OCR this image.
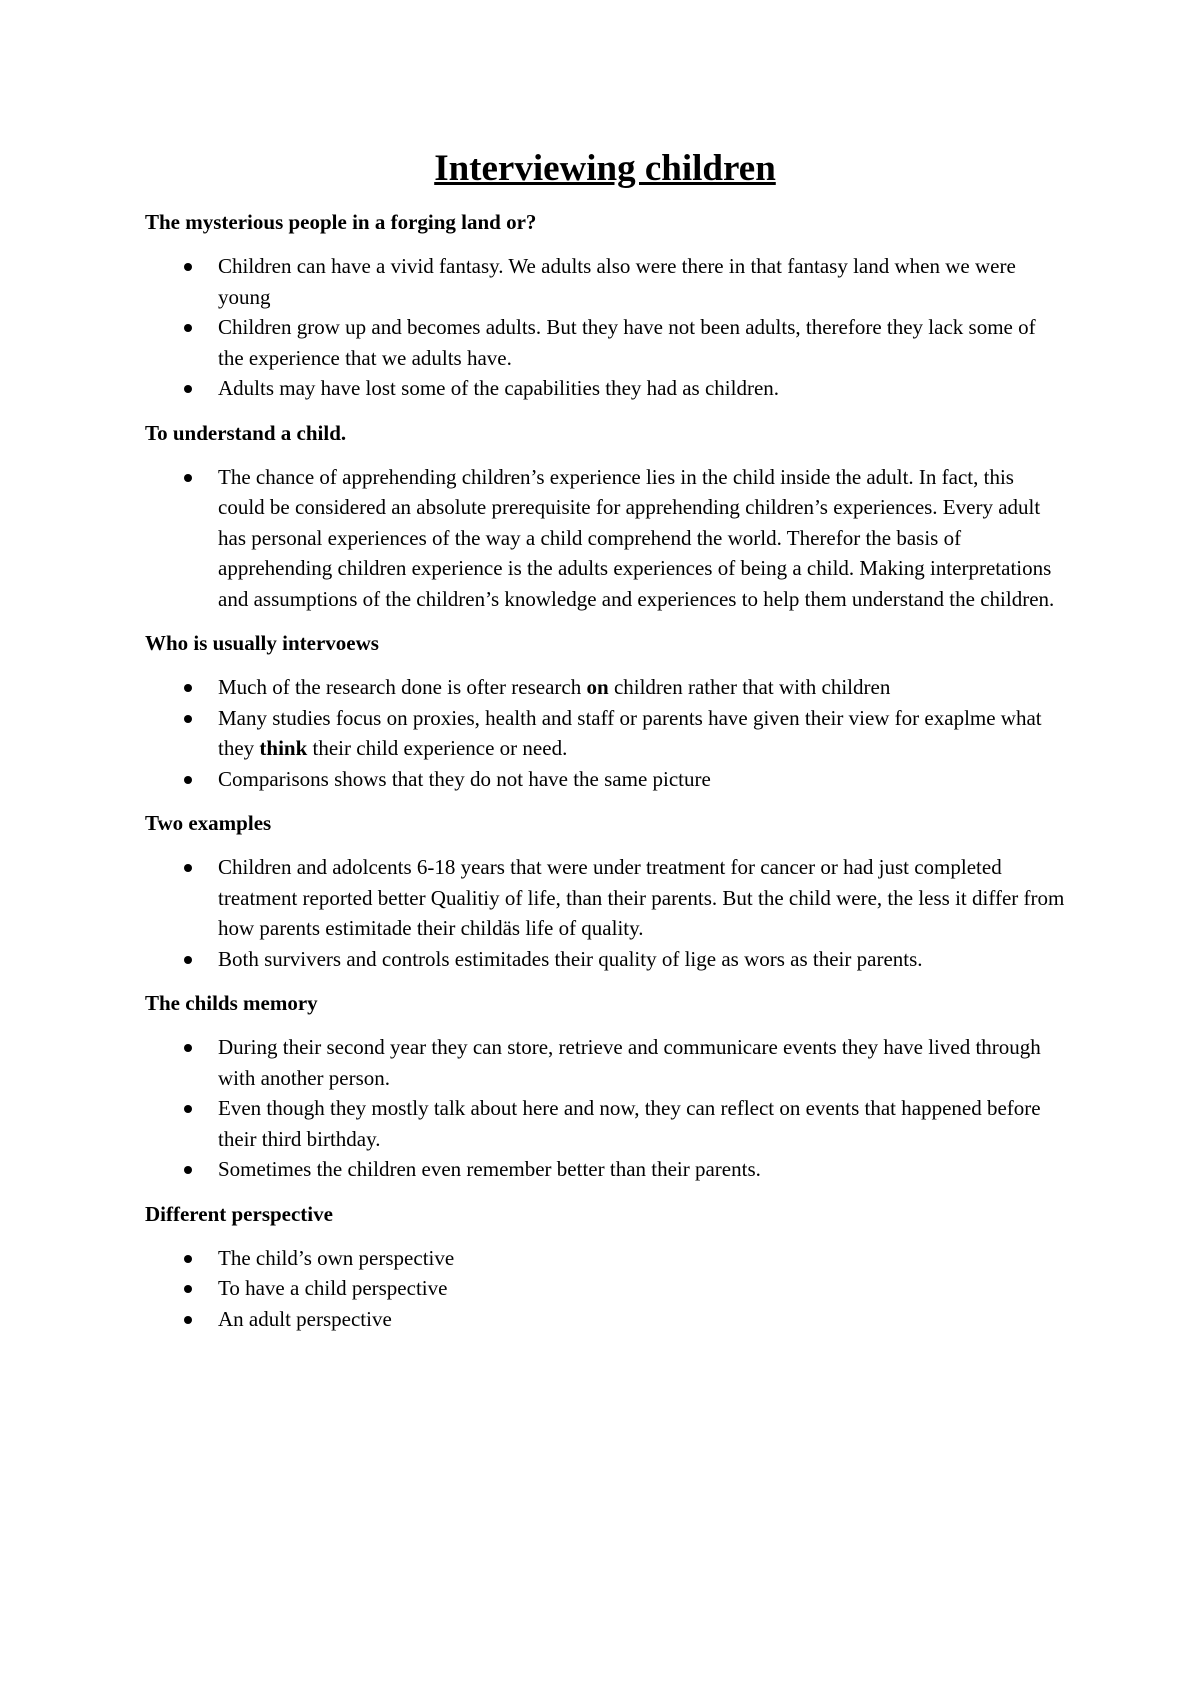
Interviewing children
The mysterious people in a forging land or?
Children can have a vivid fantasy. We adults also were there in that fantasy land when we were young
Children grow up and becomes adults. But they have not been adults, therefore they lack some of the experience that we adults have.
Adults may have lost some of the capabilities they had as children.
To understand a child.
The chance of apprehending children’s experience lies in the child inside the adult. In fact, this could be considered an absolute prerequisite for apprehending children’s experiences. Every adult has personal experiences of the way a child comprehend the world. Therefor the basis of apprehending children experience is the adults experiences of being a child. Making interpretations and assumptions of the children’s knowledge and experiences to help them understand the children.
Who is usually intervoews
Much of the research done is ofter research on children rather that with children
Many studies focus on proxies, health and staff or parents have given their view for exaplme what they think their child experience or need.
Comparisons shows that they do not have the same picture
Two examples
Children and adolcents 6-18 years that were under treatment for cancer or had just completed treatment reported better Qualitiy of life, than their parents. But the child were, the less it differ from how parents estimitade their childäs life of quality.
Both survivers and controls estimitades their quality of lige as wors as their parents.
The childs memory
During their second year they can store, retrieve and communicare events they have lived through with another person.
Even though they mostly talk about here and now, they can reflect on events that happened before their third birthday.
Sometimes the children even remember better than their parents.
Different perspective
The child’s own perspective
To have a child perspective
An adult perspective
